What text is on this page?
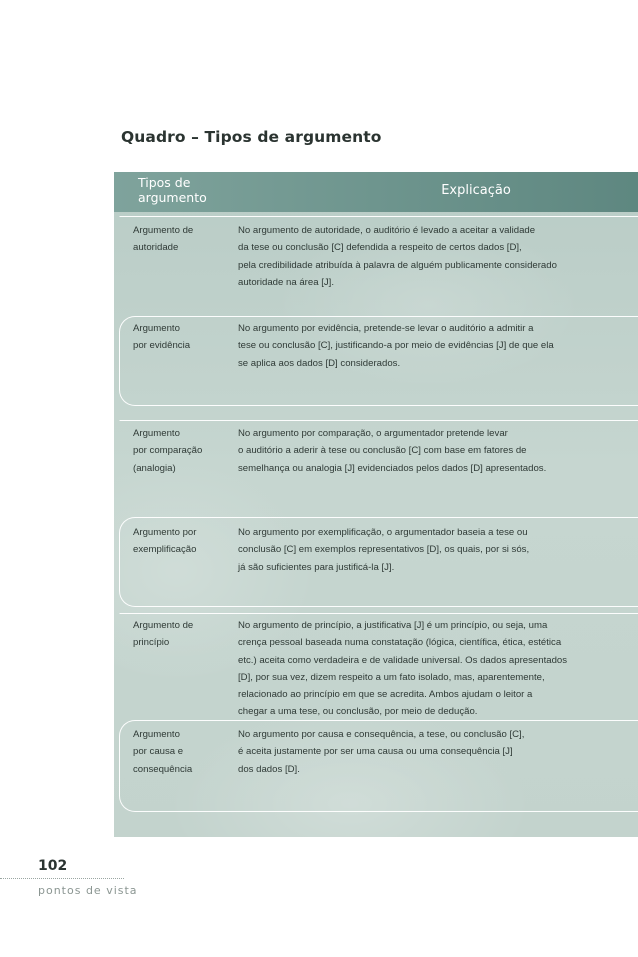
Quadro – Tipos de argumento
Tipos de
argumento	Explicação
Argumento de
autoridade
No argumento de autoridade, o auditório é levado a aceitar a validade
da tese ou conclusão [C] defendida a respeito de certos dados [D],
pela credibilidade atribuída à palavra de alguém publicamente considerado
autoridade na área [J].
Argumento
por evidência
No argumento por evidência, pretende-se levar o auditório a admitir a
tese ou conclusão [C], justificando-a por meio de evidências [J] de que ela
se aplica aos dados [D] considerados.
Argumento
por comparação
(analogia)
No argumento por comparação, o argumentador pretende levar
o auditório a aderir à tese ou conclusão [C] com base em fatores de
semelhança ou analogia [J] evidenciados pelos dados [D] apresentados.
Argumento por
exemplificação
No argumento por exemplificação, o argumentador baseia a tese ou
conclusão [C] em exemplos representativos [D], os quais, por si sós,
já são suficientes para justificá-la [J].
Argumento de
princípio
No argumento de princípio, a justificativa [J] é um princípio, ou seja, uma
crença pessoal baseada numa constatação (lógica, científica, ética, estética
etc.) aceita como verdadeira e de validade universal. Os dados apresentados
[D], por sua vez, dizem respeito a um fato isolado, mas, aparentemente,
relacionado ao princípio em que se acredita. Ambos ajudam o leitor a
chegar a uma tese, ou conclusão, por meio de dedução.
Argumento
por causa e
consequência
No argumento por causa e consequência, a tese, ou conclusão [C],
é aceita justamente por ser uma causa ou uma consequência [J]
dos dados [D].
102
pontos de vista
